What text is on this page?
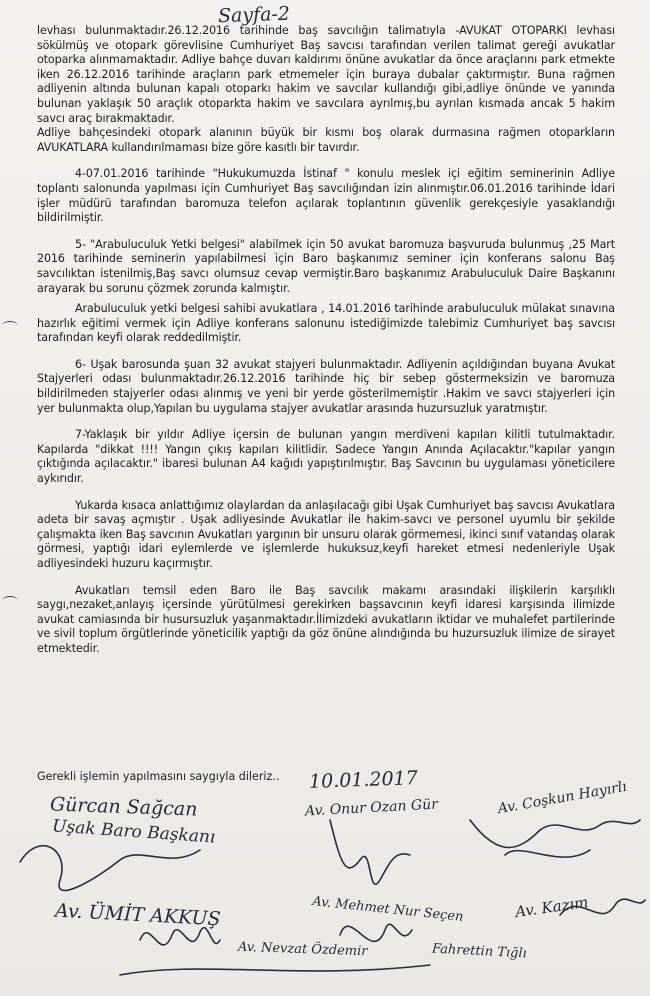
Sayfa-2

levhası bulunmaktadır.26.12.2016 tarihinde baş savcılığın talimatıyla -AVUKAT OTOPARKI levhası sökülmüş ve otopark görevlisine Cumhuriyet Baş savcısı tarafından verilen talimat gereği avukatlar otoparka alınmamaktadır. Adliye bahçe duvarı kaldırımı önüne avukatlar da önce araçlarını park etmekte iken 26.12.2016 tarihinde araçların park etmemeler için buraya dubalar çaktırmıştır. Buna rağmen adliyenin altında bulunan kapalı otoparkı hakim ve savcılar kullandığı gibi,adliye önünde ve yanında bulunan yaklaşık 50 araçlık otoparkta hakim ve savcılara ayrılmış,bu ayrılan kısmada ancak 5 hakim savcı araç bırakmaktadır.

Adliye bahçesindeki otopark alanının büyük bir kısmı boş olarak durmasına rağmen otoparkların AVUKATLARA kullandırılmaması bize göre kasıtlı bir tavırdır.

4-07.01.2016 tarihinde "Hukukumuzda İstinaf " konulu meslek içi eğitim seminerinin Adliye toplantı salonunda yapılması için Cumhuriyet Baş savcılığından izin alınmıştır.06.01.2016 tarihinde İdari işler müdürü tarafından baromuza telefon açılarak toplantının güvenlik gerekçesiyle yasaklandığı bildirilmiştir.

5- "Arabuluculuk Yetki belgesi" alabilmek için 50 avukat baromuza başvuruda bulunmuş ,25 Mart 2016 tarihinde seminerin yapılabilmesi için Baro başkanımız seminer için konferans salonu Baş savcılıktan istenilmiş,Baş savcı olumsuz cevap vermiştir.Baro başkanımız Arabuluculuk Daire Başkanını arayarak bu sorunu çözmek zorunda kalmıştır.

Arabuluculuk yetki belgesi sahibi avukatlara , 14.01.2016 tarihinde arabuluculuk mülakat sınavına hazırlık eğitimi vermek için Adliye konferans salonunu istediğimizde talebimiz Cumhuriyet baş savcısı tarafından keyfi olarak reddedilmiştir.

6- Uşak barosunda şuan 32 avukat stajyeri bulunmaktadır. Adliyenin açıldığından buyana Avukat Stajyerleri odası bulunmaktadır.26.12.2016 tarihinde hiç bir sebep göstermeksizin ve baromuza bildirilmeden stajyerler odası alınmış ve yeni bir yerde gösterilmemiştir .Hakim ve savcı stajyerleri için yer bulunmakta olup,Yapılan bu uygulama stajyer avukatlar arasında huzursuzluk yaratmıştır.

7-Yaklaşık bir yıldır Adliye içersin de bulunan yangın merdiveni kapıları kilitli tutulmaktadır. Kapılarda "dikkat !!!! Yangın çıkış kapıları kilitlidir. Sadece Yangın Anında Açılacaktır."kapılar yangın çıktığında açılacaktır." ibaresi bulunan A4 kağıdı yapıştırılmıştır. Baş Savcının bu uygulaması yöneticilere aykırıdır.

Yukarda kısaca anlattığımız olaylardan da anlaşılacağı gibi Uşak Cumhuriyet baş savcısı Avukatlara adeta bir savaş açmıştır . Uşak adliyesinde Avukatlar ile hakim-savcı ve personel uyumlu bir şekilde çalışmakta iken Baş savcının Avukatları yargının bir unsuru olarak görmemesi, ikinci sınıf vatandaş olarak görmesi, yaptığı idari eylemlerde ve işlemlerde hukuksuz,keyfi hareket etmesi nedenleriyle Uşak adliyesindeki huzuru kaçırmıştır.

Avukatları temsil eden Baro ile Baş savcılık makamı arasındaki ilişkilerin karşılıklı saygı,nezaket,anlayış içersinde yürütülmesi gerekirken başsavcının keyfi idaresi karşısında ilimizde avukat camiasında bir husursuzluk yaşanmaktadır.İlimizdeki avukatların iktidar ve muhalefet partilerinde ve sivil toplum örgütlerinde yöneticilik yaptığı da göz önüne alındığında bu huzursuzluk ilimize de sirayet etmektedir.

Gerekli işlemin yapılmasını saygıyla dileriz.. 10.01.2017
Gürcan Sağcan
Uşak Baro Başkanı
Av. Onur Ozan Gür	Av. Coşkun Hayırlı
Av. ÜMİT AKKUŞ	Av. Mehmet Nur Seçen	Av. Kazım
Av. Nevzat Özdemir	Fahrettin Tığlı
